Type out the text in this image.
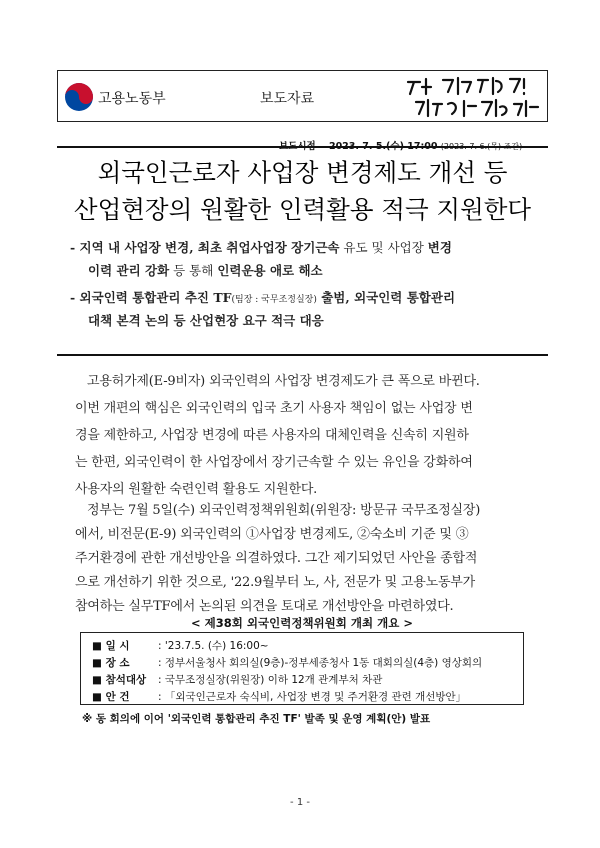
고용노동부	보도자료
보도시점 2023. 7. 5.(수) 17:00 (2023. 7. 6.(목) 조간)
외국인근로자 사업장 변경제도 개선 등
산업현장의 원활한 인력활용 적극 지원한다
- 지역 내 사업장 변경, 최초 취업사업장 장기근속 유도 및 사업장 변경
이력 관리 강화 등 통해 인력운용 애로 해소
- 외국인력 통합관리 추진 TF(팀장 : 국무조정실장) 출범, 외국인력 통합관리
대책 본격 논의 등 산업현장 요구 적극 대응
고용허가제(E-9비자) 외국인력의 사업장 변경제도가 큰 폭으로 바뀐다.
이번 개편의 핵심은 외국인력의 입국 초기 사용자 책임이 없는 사업장 변
경을 제한하고, 사업장 변경에 따른 사용자의 대체인력을 신속히 지원하
는 한편, 외국인력이 한 사업장에서 장기근속할 수 있는 유인을 강화하여
사용자의 원활한 숙련인력 활용도 지원한다.
정부는 7월 5일(수) 외국인력정책위원회(위원장: 방문규 국무조정실장)
에서, 비전문(E-9) 외국인력의 ①사업장 변경제도, ②숙소비 기준 및 ③
주거환경에 관한 개선방안을 의결하였다. 그간 제기되었던 사안을 종합적
으로 개선하기 위한 것으로, '22.9월부터 노, 사, 전문가 및 고용노동부가
< 제38회 외국인력정책위원회 개최 개요 >
■ 일 시	: '23.7.5. (수) 16:00~
■ 장 소	: 정부서울청사 회의실(9층)-정부세종청사 1동 대회의실(4층) 영상회의
■ 참석대상 : 국무조정실장(위원장) 이하 12개 관계부처 차관
■ 안 건	: 「외국인근로자 숙식비, 사업장 변경 및 주거환경 관련 개선방안」
※ 동 회의에 이어 '외국인력 통합관리 추진 TF' 발족 및 운영 계획(안) 발표
- 1 -
참여하는 실무TF에서 논의된 의견을 토대로 개선방안을 마련하였다.
